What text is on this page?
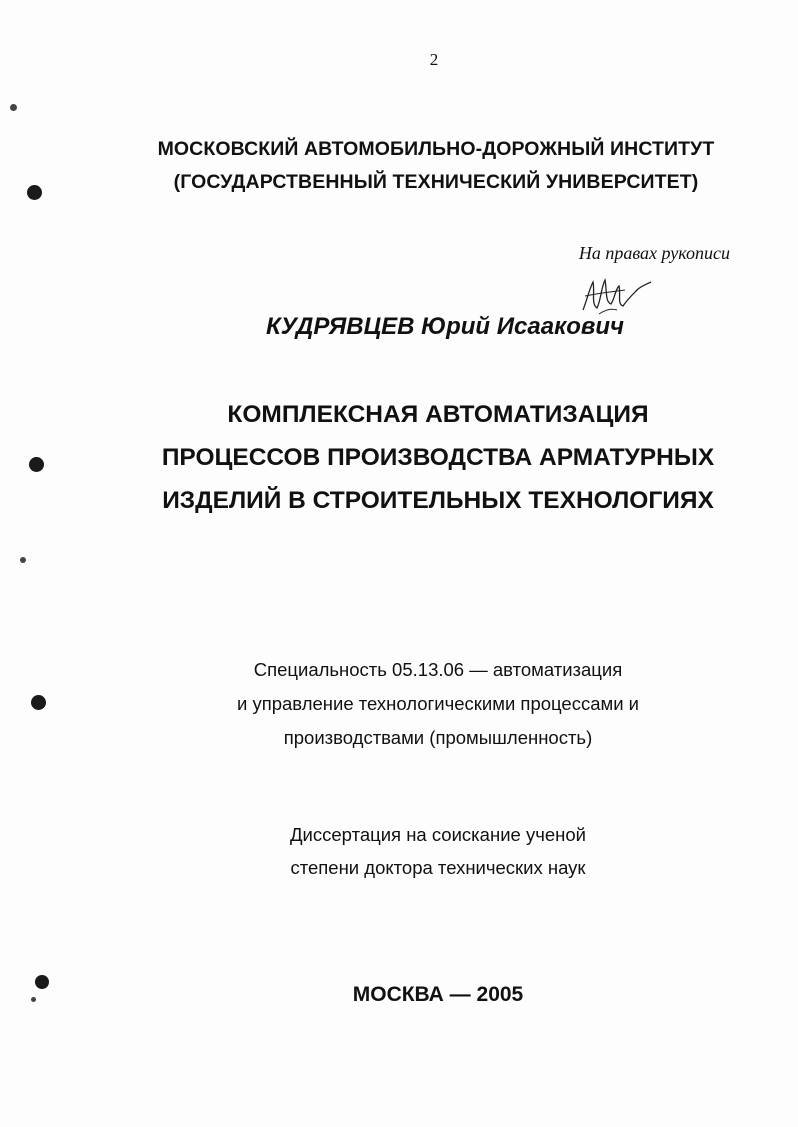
2
МОСКОВСКИЙ АВТОМОБИЛЬНО-ДОРОЖНЫЙ ИНСТИТУТ
(ГОСУДАРСТВЕННЫЙ ТЕХНИЧЕСКИЙ УНИВЕРСИТЕТ)
На правах рукописи
КУДРЯВЦЕВ Юрий Исаакович
КОМПЛЕКСНАЯ АВТОМАТИЗАЦИЯ
ПРОЦЕССОВ ПРОИЗВОДСТВА АРМАТУРНЫХ
ИЗДЕЛИЙ В СТРОИТЕЛЬНЫХ ТЕХНОЛОГИЯХ
Специальность 05.13.06 — автоматизация
и управление технологическими процессами и
производствами (промышленность)
Диссертация на соискание ученой
степени доктора технических наук
МОСКВА — 2005
